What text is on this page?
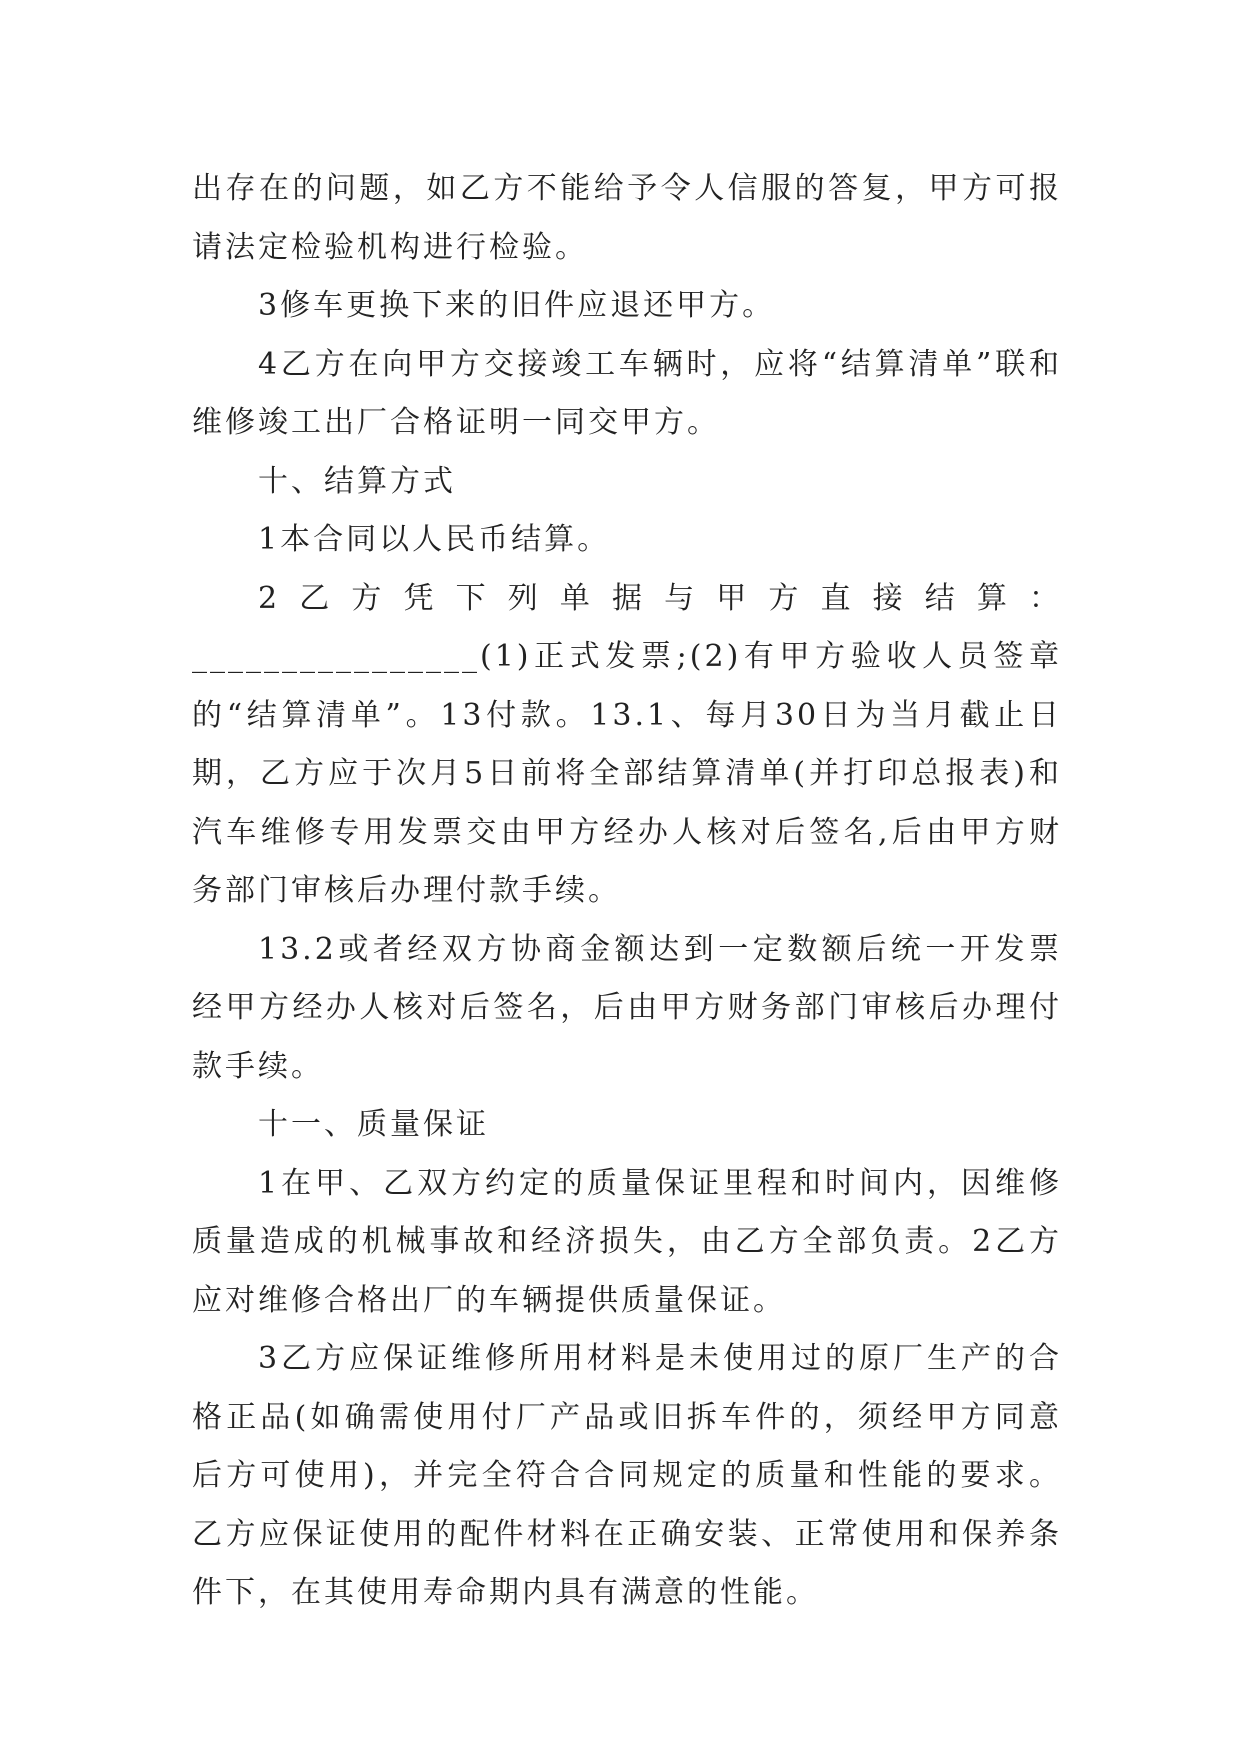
出存在的问题，如乙方不能给予令人信服的答复，甲方可报请法定检验机构进行检验。

3修车更换下来的旧件应退还甲方。

4乙方在向甲方交接竣工车辆时，应将“结算清单”联和维修竣工出厂合格证明一同交甲方。

十、结算方式

1本合同以人民币结算。

2乙方凭下列单据与甲方直接结算：________________(1)正式发票;(2)有甲方验收人员签章的“结算清单”。13付款。13.1、每月30日为当月截止日期，乙方应于次月5日前将全部结算清单(并打印总报表)和汽车维修专用发票交由甲方经办人核对后签名,后由甲方财务部门审核后办理付款手续。

13.2或者经双方协商金额达到一定数额后统一开发票经甲方经办人核对后签名，后由甲方财务部门审核后办理付款手续。

十一、质量保证

1在甲、乙双方约定的质量保证里程和时间内，因维修质量造成的机械事故和经济损失，由乙方全部负责。2乙方应对维修合格出厂的车辆提供质量保证。

3乙方应保证维修所用材料是未使用过的原厂生产的合格正品(如确需使用付厂产品或旧拆车件的，须经甲方同意后方可使用)，并完全符合合同规定的质量和性能的要求。乙方应保证使用的配件材料在正确安装、正常使用和保养条件下，在其使用寿命期内具有满意的性能。
